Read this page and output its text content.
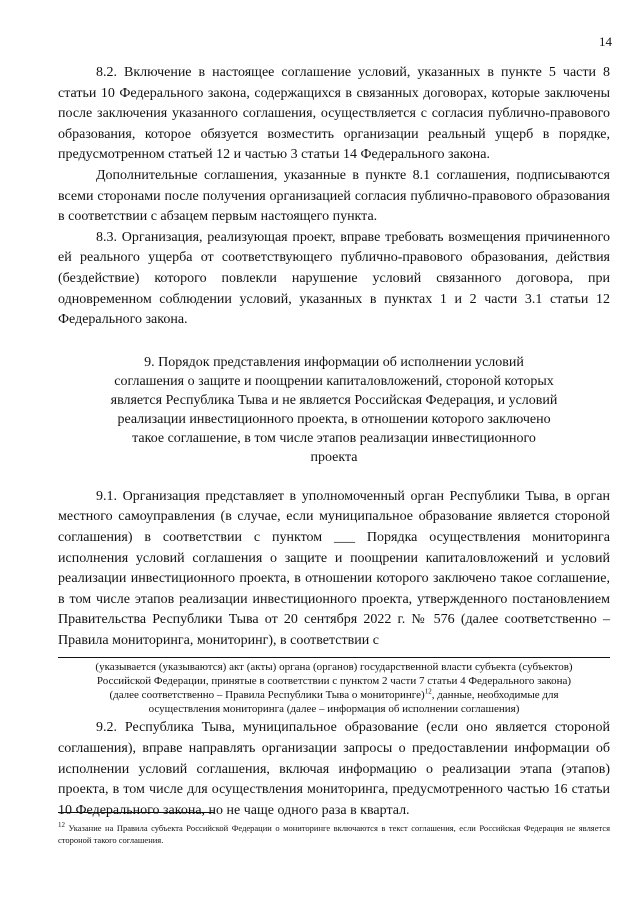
14

8.2. Включение в настоящее соглашение условий, указанных в пункте 5 части 8 статьи 10 Федерального закона, содержащихся в связанных договорах, которые заключены после заключения указанного соглашения, осуществляется с согласия публично-правового образования, которое обязуется возместить организации реальный ущерб в порядке, предусмотренном статьей 12 и частью 3 статьи 14 Федерального закона.

Дополнительные соглашения, указанные в пункте 8.1 соглашения, подписываются всеми сторонами после получения организацией согласия публично-правового образования в соответствии с абзацем первым настоящего пункта.

8.3. Организация, реализующая проект, вправе требовать возмещения причиненного ей реального ущерба от соответствующего публично-правового образования, действия (бездействие) которого повлекли нарушение условий связанного договора, при одновременном соблюдении условий, указанных в пунктах 1 и 2 части 3.1 статьи 12 Федерального закона.

9. Порядок представления информации об исполнении условий соглашения о защите и поощрении капиталовложений, стороной которых является Республика Тыва и не является Российская Федерация, и условий реализации инвестиционного проекта, в отношении которого заключено такое соглашение, в том числе этапов реализации инвестиционного проекта

9.1. Организация представляет в уполномоченный орган Республики Тыва, в орган местного самоуправления (в случае, если муниципальное образование является стороной соглашения) в соответствии с пунктом ___ Порядка осуществления мониторинга исполнения условий соглашения о защите и поощрении капиталовложений и условий реализации инвестиционного проекта, в отношении которого заключено такое соглашение, в том числе этапов реализации инвестиционного проекта, утвержденного постановлением Правительства Республики Тыва от 20 сентября 2022 г. № 576 (далее соответственно – Правила мониторинга, мониторинг), в соответствии с

(указывается (указываются) акт (акты) органа (органов) государственной власти субъекта (субъектов) Российской Федерации, принятые в соответствии с пунктом 2 части 7 статьи 4 Федерального закона) (далее соответственно – Правила Республики Тыва о мониторинге)$^{12}$, данные, необходимые для осуществления мониторинга (далее – информация об исполнении соглашения)

9.2. Республика Тыва, муниципальное образование (если оно является стороной соглашения), вправе направлять организации запросы о предоставлении информации об исполнении условий соглашения, включая информацию о реализации этапа (этапов) проекта, в том числе для осуществления мониторинга, предусмотренного частью 16 статьи 10 Федерального закона, но не чаще одного раза в квартал.

$^{12}$ Указание на Правила субъекта Российской Федерации о мониторинге включаются в текст соглашения, если Российская Федерация не является стороной такого соглашения.
